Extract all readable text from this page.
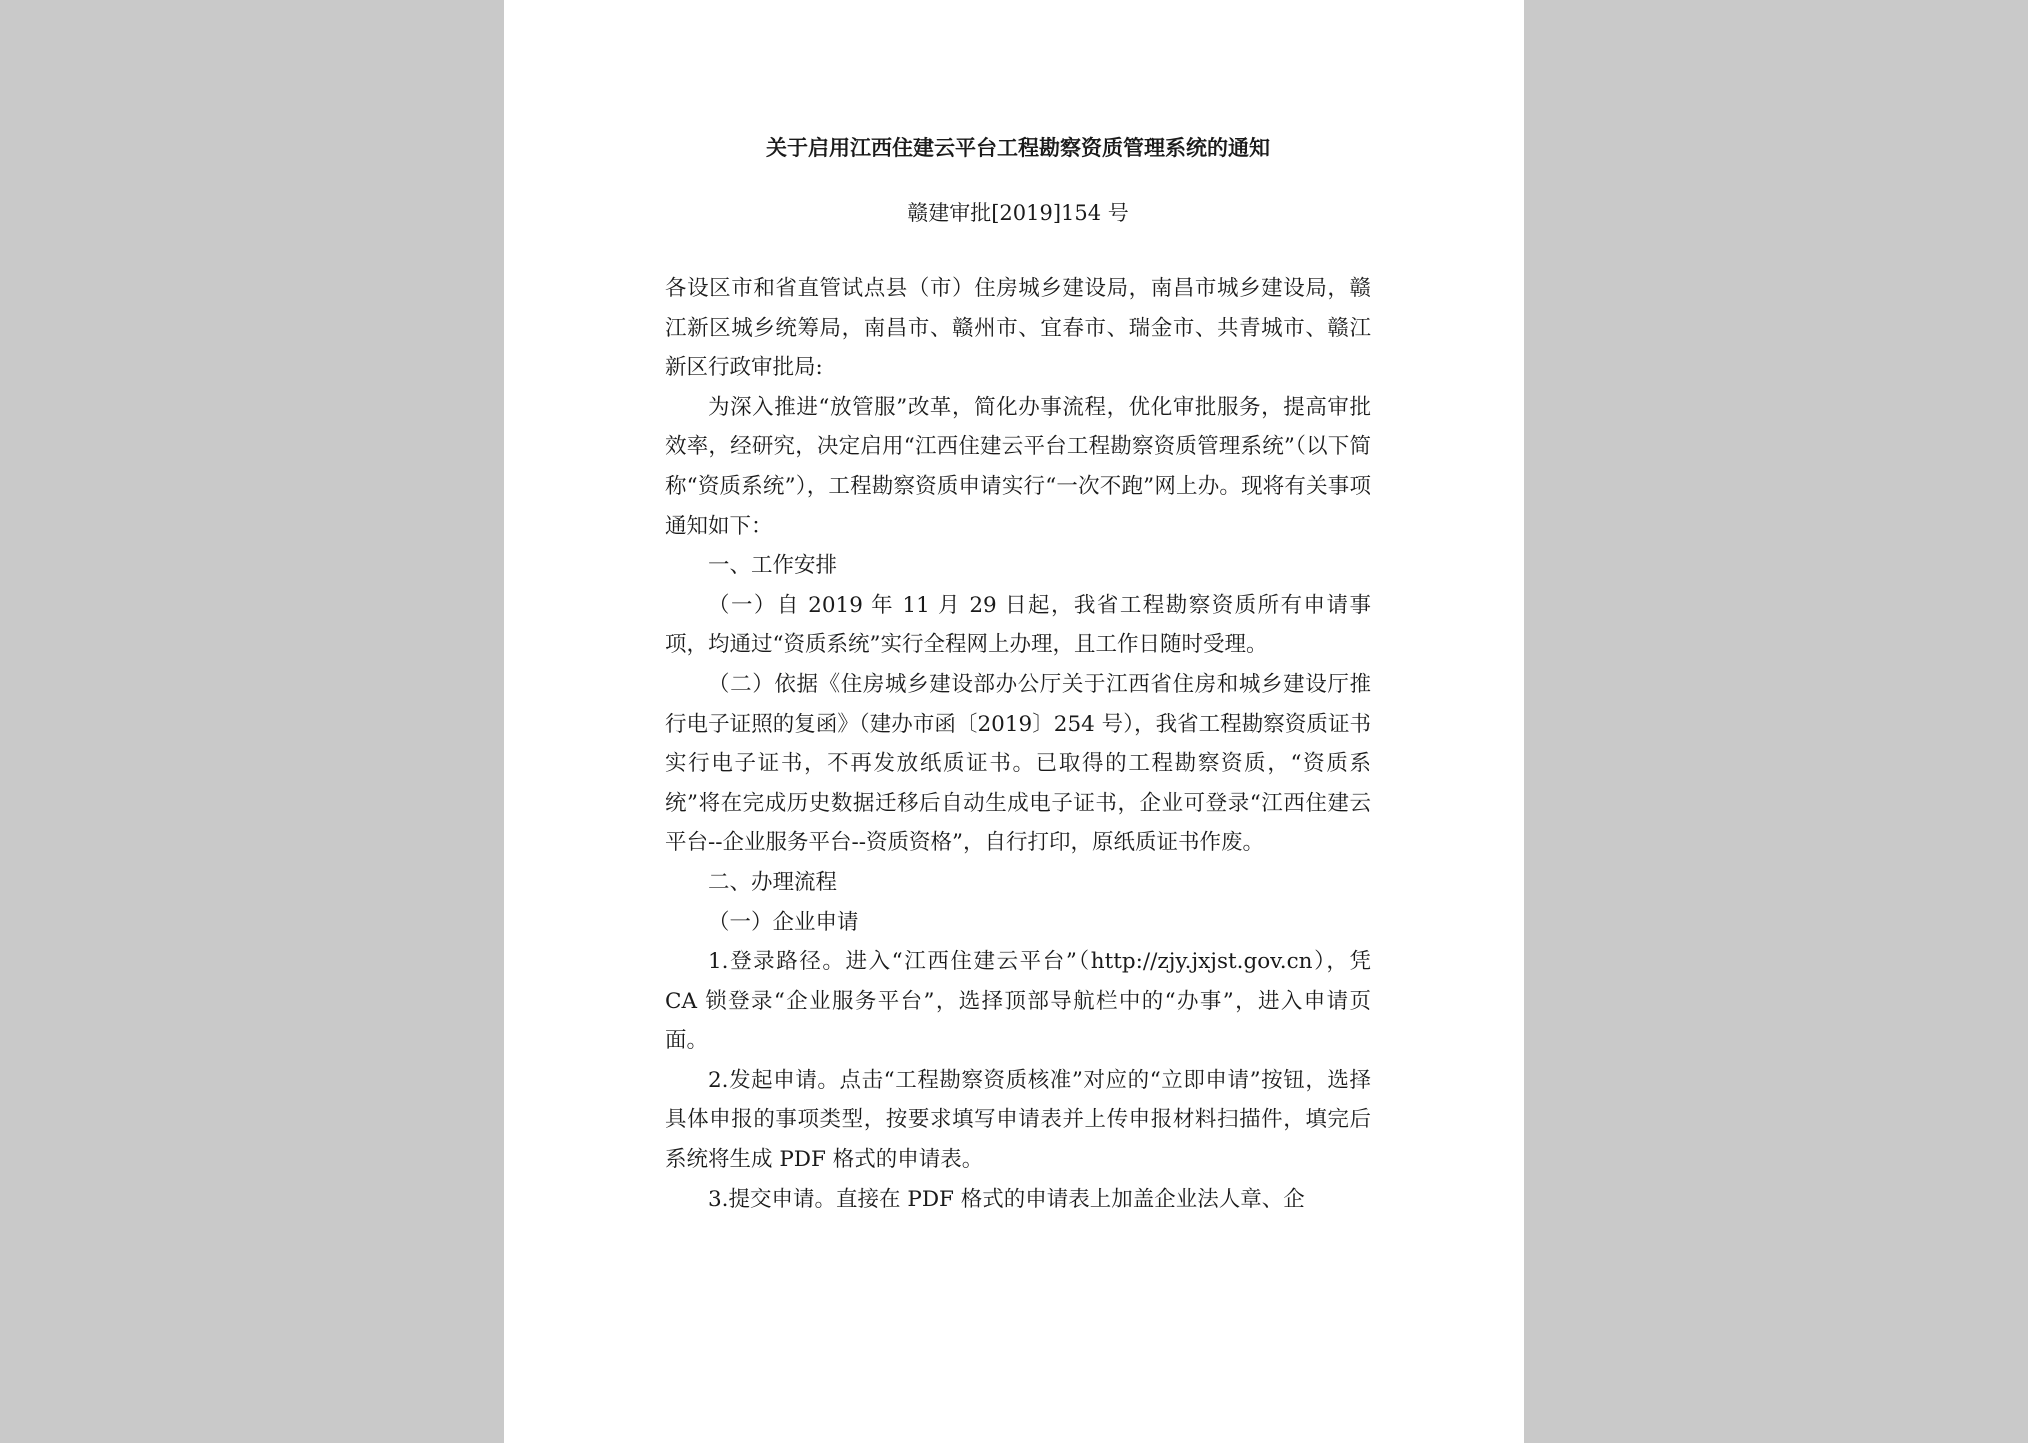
关于启用江西住建云平台工程勘察资质管理系统的通知
赣建审批[2019]154 号

各设区市和省直管试点县（市）住房城乡建设局，南昌市城乡建设局，赣江新区城乡统筹局，南昌市、赣州市、宜春市、瑞金市、共青城市、赣江新区行政审批局:

为深入推进“放管服”改革，简化办事流程，优化审批服务，提高审批效率，经研究，决定启用“江西住建云平台工程勘察资质管理系统”（以下简称“资质系统”），工程勘察资质申请实行“一次不跑”网上办。现将有关事项通知如下：

一、工作安排

（一）自 2019 年 11 月 29 日起，我省工程勘察资质所有申请事项，均通过“资质系统”实行全程网上办理，且工作日随时受理。

（二）依据《住房城乡建设部办公厅关于江西省住房和城乡建设厅推行电子证照的复函》（建办市函〔2019〕254 号），我省工程勘察资质证书实行电子证书，不再发放纸质证书。已取得的工程勘察资质，“资质系统”将在完成历史数据迁移后自动生成电子证书，企业可登录“江西住建云平台--企业服务平台--资质资格”，自行打印，原纸质证书作废。

二、办理流程

（一）企业申请

1.登录路径。进入“江西住建云平台”（http://zjy.jxjst.gov.cn），凭 CA 锁登录“企业服务平台”，选择顶部导航栏中的“办事”，进入申请页面。

2.发起申请。点击“工程勘察资质核准”对应的“立即申请”按钮，选择具体申报的事项类型，按要求填写申请表并上传申报材料扫描件，填完后系统将生成 PDF 格式的申请表。

3.提交申请。直接在 PDF 格式的申请表上加盖企业法人章、企
